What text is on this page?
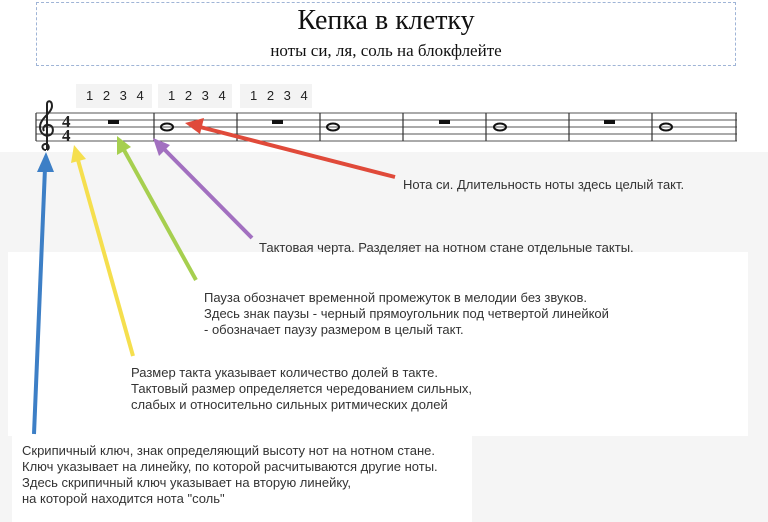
Кепка в клетку
ноты си, ля, соль на блокфлейте
1 2 3 4	1 2 3 4	1 2 3 4
4
4
Нота си. Длительность ноты здесь целый такт.
Тактовая черта. Разделяет на нотном стане отдельные такты.
Пауза обозначет временной промежуток в мелодии без звуков.
Здесь знак паузы - черный прямоугольник под четвертой линейкой
- обозначает паузу размером в целый такт.
Размер такта указывает количество долей в такте.
Тактовый размер определяется чередованием сильных,
слабых и относительно сильных ритмических долей
Скрипичный ключ, знак определяющий высоту нот на нотном стане.
Ключ указывает на линейку, по которой расчитываются другие ноты.
Здесь скрипичный ключ указывает на вторую линейку,
на которой находится нота "соль"
